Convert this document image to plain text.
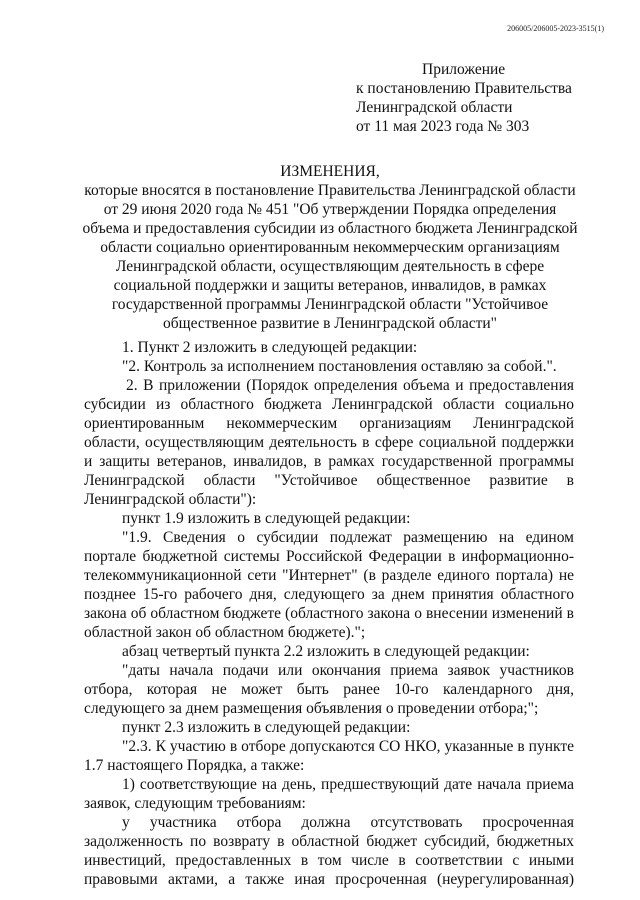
206005/206005-2023-3515(1)
Приложение
к постановлению Правительства
Ленинградской области
от 11 мая 2023 года № 303
ИЗМЕНЕНИЯ,
которые вносятся в постановление Правительства Ленинградской области
от 29 июня 2020 года № 451 "Об утверждении Порядка определения
объема и предоставления субсидии из областного бюджета Ленинградской
области социально ориентированным некоммерческим организациям
Ленинградской области, осуществляющим деятельность в сфере
социальной поддержки и защиты ветеранов, инвалидов, в рамках
государственной программы Ленинградской области "Устойчивое
общественное развитие в Ленинградской области"

1. Пункт 2 изложить в следующей редакции:

"2. Контроль за исполнением постановления оставляю за собой.".

2. В приложении (Порядок определения объема и предоставления субсидии из областного бюджета Ленинградской области социально ориентированным некоммерческим организациям Ленинградской области, осуществляющим деятельность в сфере социальной поддержки и защиты ветеранов, инвалидов, в рамках государственной программы Ленинградской области "Устойчивое общественное развитие в Ленинградской области"):

пункт 1.9 изложить в следующей редакции:

"1.9. Сведения о субсидии подлежат размещению на едином портале бюджетной системы Российской Федерации в информационно-телекоммуникационной сети "Интернет" (в разделе единого портала) не позднее 15-го рабочего дня, следующего за днем принятия областного закона об областном бюджете (областного закона о внесении изменений в областной закон об областном бюджете).";

абзац четвертый пункта 2.2 изложить в следующей редакции:

"даты начала подачи или окончания приема заявок участников отбора, которая не может быть ранее 10-го календарного дня, следующего за днем размещения объявления о проведении отбора;";

пункт 2.3 изложить в следующей редакции:

"2.3. К участию в отборе допускаются СО НКО, указанные в пункте 1.7 настоящего Порядка, а также:

1) соответствующие на день, предшествующий дате начала приема заявок, следующим требованиям:

у участника отбора должна отсутствовать просроченная задолженность по возврату в областной бюджет субсидий, бюджетных инвестиций, предоставленных в том числе в соответствии с иными правовыми актами, а также иная просроченная (неурегулированная)
